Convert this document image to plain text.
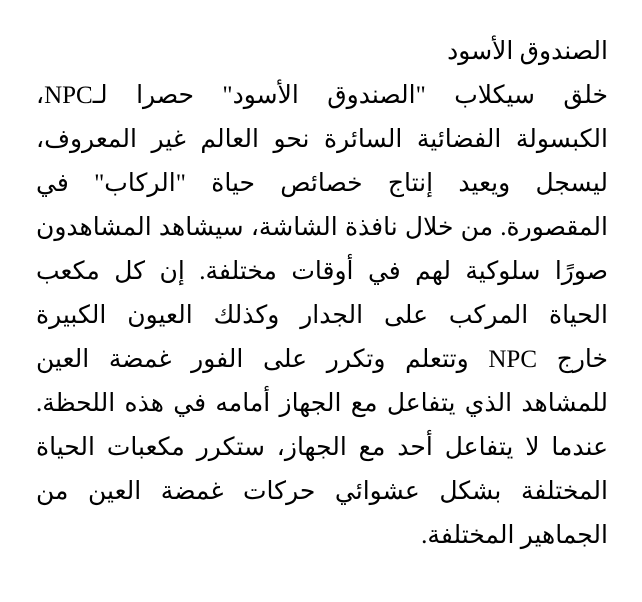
الصندوق الأسود

خلق سيكلاب "الصندوق الأسود" حصرا لـNPC،

الكبسولة الفضائية السائرة نحو العالم غير المعروف،

ليسجل ويعيد إنتاج خصائص حياة "الركاب" في

المقصورة. من خلال نافذة الشاشة، سيشاهد المشاهدون

صورًا سلوكية لهم في أوقات مختلفة. إن كل مكعب

الحياة المركب على الجدار وكذلك العيون الكبيرة

خارج NPC وتتعلم وتكرر على الفور غمضة العين

للمشاهد الذي يتفاعل مع الجهاز أمامه في هذه اللحظة.

عندما لا يتفاعل أحد مع الجهاز، ستكرر مكعبات الحياة

المختلفة بشكل عشوائي حركات غمضة العين من

الجماهير المختلفة.
